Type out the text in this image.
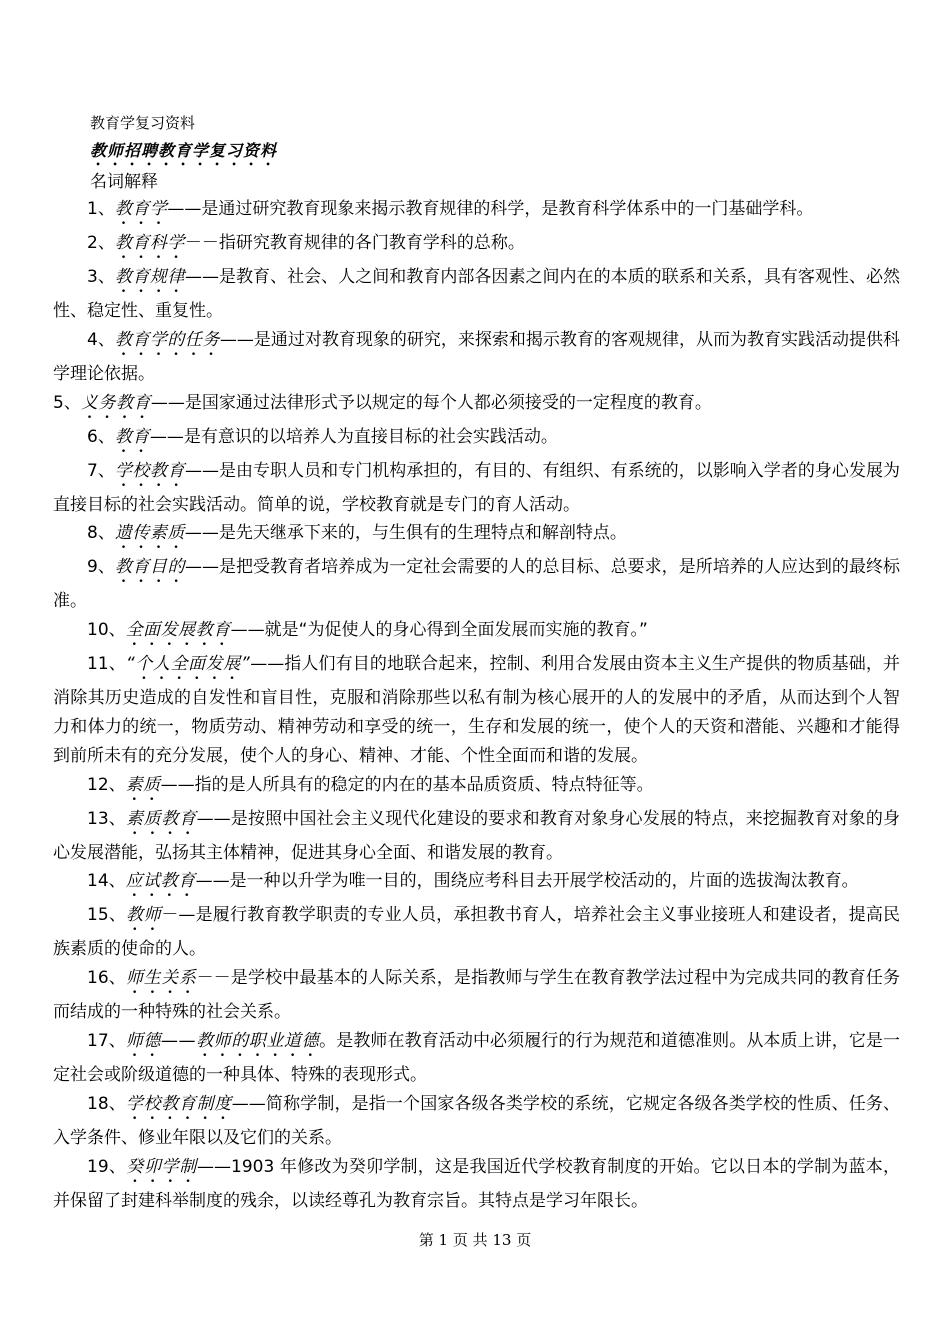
教育学复习资料
教师招聘教育学复习资料
名词解释

1、教育学——是通过研究教育现象来揭示教育规律的科学，是教育科学体系中的一门基础学科。

2、教育科学－－指研究教育规律的各门教育学科的总称。

3、教育规律——是教育、社会、人之间和教育内部各因素之间内在的本质的联系和关系，具有客观性、必然性、稳定性、重复性。

4、教育学的任务——是通过对教育现象的研究，来探索和揭示教育的客观规律，从而为教育实践活动提供科学理论依据。

5、义务教育——是国家通过法律形式予以规定的每个人都必须接受的一定程度的教育。

6、教育——是有意识的以培养人为直接目标的社会实践活动。

7、学校教育——是由专职人员和专门机构承担的，有目的、有组织、有系统的，以影响入学者的身心发展为直接目标的社会实践活动。简单的说，学校教育就是专门的育人活动。

8、遗传素质——是先天继承下来的，与生俱有的生理特点和解剖特点。

9、教育目的——是把受教育者培养成为一定社会需要的人的总目标、总要求，是所培养的人应达到的最终标准。

10、全面发展教育——就是“为促使人的身心得到全面发展而实施的教育。”

11、“个人全面发展”——指人们有目的地联合起来，控制、利用合发展由资本主义生产提供的物质基础，并消除其历史造成的自发性和盲目性，克服和消除那些以私有制为核心展开的人的发展中的矛盾，从而达到个人智力和体力的统一，物质劳动、精神劳动和享受的统一，生存和发展的统一，使个人的天资和潜能、兴趣和才能得到前所未有的充分发展，使个人的身心、精神、才能、个性全面而和谐的发展。

12、素质——指的是人所具有的稳定的内在的基本品质资质、特点特征等。

13、素质教育——是按照中国社会主义现代化建设的要求和教育对象身心发展的特点，来挖掘教育对象的身心发展潜能，弘扬其主体精神，促进其身心全面、和谐发展的教育。

14、应试教育——是一种以升学为唯一目的，围绕应考科目去开展学校活动的，片面的选拔淘汰教育。

15、教师－—是履行教育教学职责的专业人员，承担教书育人，培养社会主义事业接班人和建设者，提高民族素质的使命的人。

16、师生关系－－是学校中最基本的人际关系，是指教师与学生在教育教学法过程中为完成共同的教育任务而结成的一种特殊的社会关系。

17、师德——教师的职业道德。是教师在教育活动中必须履行的行为规范和道德准则。从本质上讲，它是一定社会或阶级道德的一种具体、特殊的表现形式。

18、学校教育制度——简称学制，是指一个国家各级各类学校的系统，它规定各级各类学校的性质、任务、入学条件、修业年限以及它们的关系。

19、癸卯学制——1903 年修改为癸卯学制，这是我国近代学校教育制度的开始。它以日本的学制为蓝本，并保留了封建科举制度的残余，以读经尊孔为教育宗旨。其特点是学习年限长。

第 1 页 共 13 页
